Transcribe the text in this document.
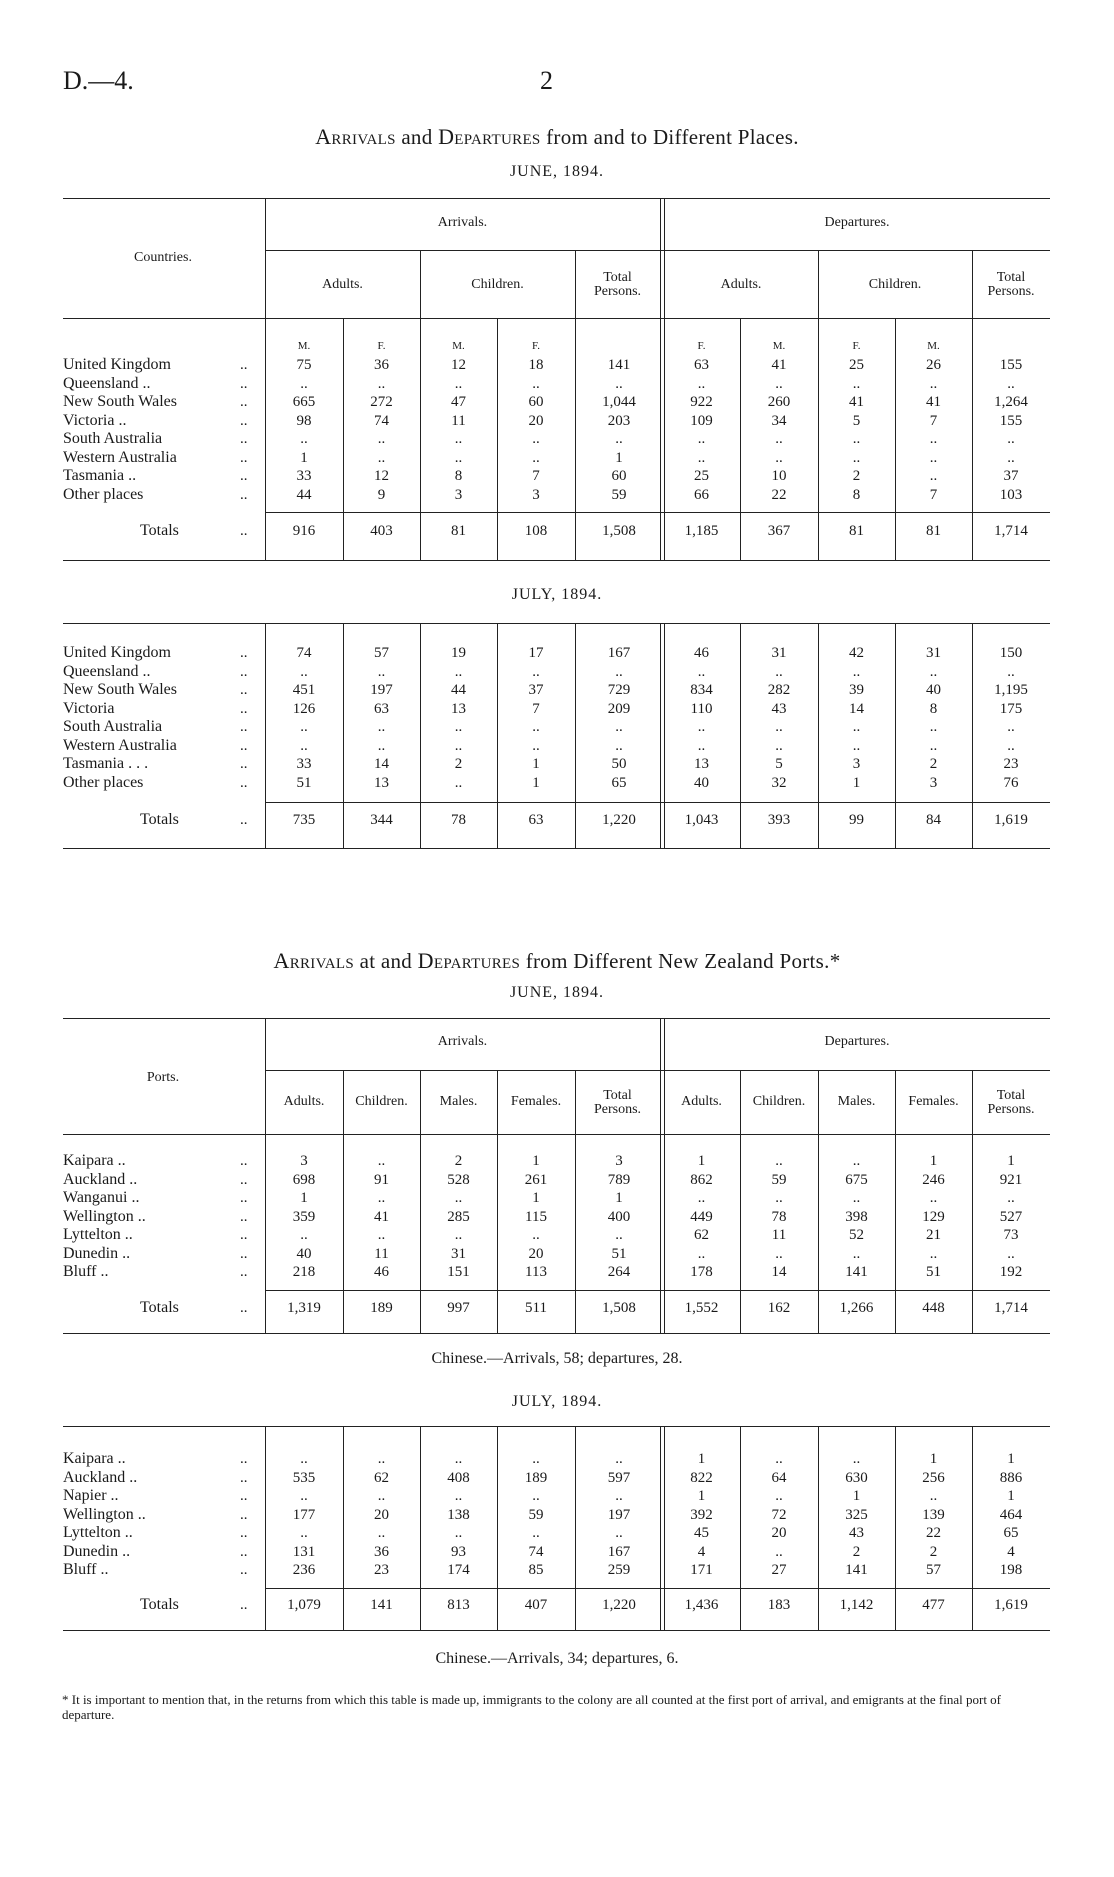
D.—4.	2
Arrivals and Departures from and to Different Places.
Arrivals at and Departures from Different New Zealand Ports.*
* It is important to mention that, in the returns from which this table is made up, immigrants to the colony are all counted at the first port of arrival, and emigrants at the final port of departure.
JUNE, 1894.
Countries.
Arrivals.	Departures.
Adults.	Children.	Adults.	Children.
Total
Persons.
Total
Persons.
M.	F.	M.	F.	F.	M.	F.	M.
United Kingdom	..	75	36	12	18	141	63	41	25	26	155
Queensland ..	..	..	..	..	..	..	..	..	..	..	..
New South Wales	..	665	272	47	60	1,044	922	260	41	41	1,264
Victoria ..	..	98	74	11	20	203	109	34	5	7	155
South Australia	..	..	..	..	..	..	..	..	..	..	..
Western Australia	..	1	..	..	..	1	..	..	..	..	..
Tasmania ..	..	33	12	8	7	60	25	10	2	..	37
Other places	..	44	9	3	3	59	66	22	8	7	103
Totals	..	916	403	81	108	1,508	1,185	367	81	81	1,714
JULY, 1894.
United Kingdom	..	74	57	19	17	167	46	31	42	31	150
Queensland ..	..	..	..	..	..	..	..	..	..	..	..
New South Wales	..	451	197	44	37	729	834	282	39	40	1,195
Victoria	..	126	63	13	7	209	110	43	14	8	175
South Australia	..	..	..	..	..	..	..	..	..	..	..
Western Australia	..	..	..	..	..	..	..	..	..	..	..
Tasmania . . .	..	33	14	2	1	50	13	5	3	2	23
Other places	..	51	13	..	1	65	40	32	1	3	76
Totals	..	735	344	78	63	1,220	1,043	393	99	84	1,619
JUNE, 1894.
Ports.
Arrivals.	Departures.
Adults.	Children.	Males.	Females.	Adults.	Children.	Males.	Females.
Total
Persons.
Total
Persons.
Kaipara ..	..	3	..	2	1	3	1	..	..	1	1
Auckland ..	..	698	91	528	261	789	862	59	675	246	921
Wanganui ..	..	1	..	..	1	1	..	..	..	..	..
Wellington ..	..	359	41	285	115	400	449	78	398	129	527
Lyttelton ..	..	..	..	..	..	..	62	11	52	21	73
Dunedin ..	..	40	11	31	20	51	..	..	..	..	..
Bluff ..	..	218	46	151	113	264	178	14	141	51	192
Totals	..	1,319	189	997	511	1,508	1,552	162	1,266	448	1,714
Chinese.—Arrivals, 58; departures, 28.
JULY, 1894.
Kaipara ..	..	..	..	..	..	..	1	..	..	1	1
Auckland ..	..	535	62	408	189	597	822	64	630	256	886
Napier ..	..	..	..	..	..	..	1	..	1	..	1
Wellington ..	..	177	20	138	59	197	392	72	325	139	464
Lyttelton ..	..	..	..	..	..	..	45	20	43	22	65
Dunedin ..	..	131	36	93	74	167	4	..	2	2	4
Bluff ..	..	236	23	174	85	259	171	27	141	57	198
Totals	..	1,079	141	813	407	1,220	1,436	183	1,142	477	1,619
Chinese.—Arrivals, 34; departures, 6.
